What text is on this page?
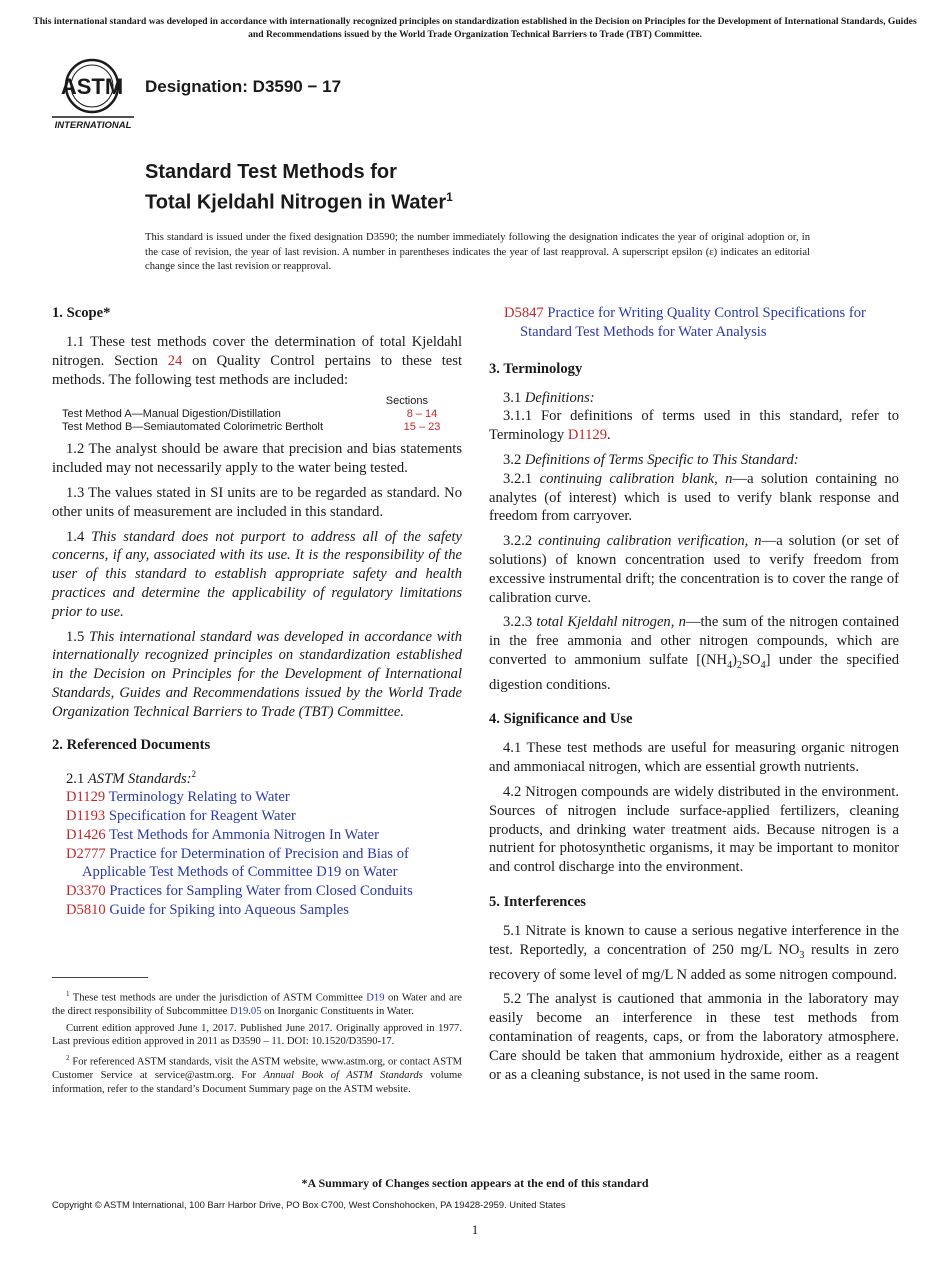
This international standard was developed in accordance with internationally recognized principles on standardization established in the Decision on Principles for the Development of International Standards, Guides and Recommendations issued by the World Trade Organization Technical Barriers to Trade (TBT) Committee.
ASTM
INTERNATIONAL
Designation: D3590 − 17
Standard Test Methods for
Total Kjeldahl Nitrogen in Water$^1$
This standard is issued under the fixed designation D3590; the number immediately following the designation indicates the year of original adoption or, in the case of revision, the year of last revision. A number in parentheses indicates the year of last reapproval. A superscript epsilon (ε) indicates an editorial change since the last revision or reapproval.
1. Scope*

1.1 These test methods cover the determination of total Kjeldahl nitrogen. Section 24 on Quality Control pertains to these test methods. The following test methods are included:

Sections
Test Method A—Manual Digestion/Distillation	8 – 14
Test Method B—Semiautomated Colorimetric Bertholt	15 – 23

1.2 The analyst should be aware that precision and bias statements included may not necessarily apply to the water being tested.

1.3 The values stated in SI units are to be regarded as standard. No other units of measurement are included in this standard.

1.4 This standard does not purport to address all of the safety concerns, if any, associated with its use. It is the responsibility of the user of this standard to establish appropriate safety and health practices and determine the applicability of regulatory limitations prior to use.

1.5 This international standard was developed in accordance with internationally recognized principles on standardization established in the Decision on Principles for the Development of International Standards, Guides and Recommendations issued by the World Trade Organization Technical Barriers to Trade (TBT) Committee.

2. Referenced Documents

2.1 ASTM Standards:$^2$

D1129 Terminology Relating to Water
D1193 Specification for Reagent Water
D1426 Test Methods for Ammonia Nitrogen In Water
D2777 Practice for Determination of Precision and Bias of Applicable Test Methods of Committee D19 on Water
D3370 Practices for Sampling Water from Closed Conduits
D5810 Guide for Spiking into Aqueous Samples

$^1$ These test methods are under the jurisdiction of ASTM Committee D19 on Water and are the direct responsibility of Subcommittee D19.05 on Inorganic Constituents in Water.

Current edition approved June 1, 2017. Published June 2017. Originally approved in 1977. Last previous edition approved in 2011 as D3590 – 11. DOI: 10.1520/D3590-17.

$^2$ For referenced ASTM standards, visit the ASTM website, www.astm.org, or contact ASTM Customer Service at service@astm.org. For Annual Book of ASTM Standards volume information, refer to the standard’s Document Summary page on the ASTM website.

D5847 Practice for Writing Quality Control Specifications for Standard Test Methods for Water Analysis
3. Terminology

3.1 Definitions:

3.1.1 For definitions of terms used in this standard, refer to Terminology D1129.

3.2 Definitions of Terms Specific to This Standard:

3.2.1 continuing calibration blank, n—a solution containing no analytes (of interest) which is used to verify blank response and freedom from carryover.

3.2.2 continuing calibration verification, n—a solution (or set of solutions) of known concentration used to verify freedom from excessive instrumental drift; the concentration is to cover the range of calibration curve.

3.2.3 total Kjeldahl nitrogen, n—the sum of the nitrogen contained in the free ammonia and other nitrogen compounds, which are converted to ammonium sulfate $[(NH_4)_2SO_4]$ under the specified digestion conditions.

4. Significance and Use

4.1 These test methods are useful for measuring organic nitrogen and ammoniacal nitrogen, which are essential growth nutrients.

4.2 Nitrogen compounds are widely distributed in the environment. Sources of nitrogen include surface-applied fertilizers, cleaning products, and drinking water treatment aids. Because nitrogen is a nutrient for photosynthetic organisms, it may be important to monitor and control discharge into the environment.

5. Interferences

5.1 Nitrate is known to cause a serious negative interference in the test. Reportedly, a concentration of 250 mg/L $NO_3$ results in zero recovery of some level of mg/L N added as some nitrogen compound.

5.2 The analyst is cautioned that ammonia in the laboratory may easily become an interference in these test methods from contamination of reagents, caps, or from the laboratory atmosphere. Care should be taken that ammonium hydroxide, either as a reagent or as a cleaning substance, is not used in the same room.

*A Summary of Changes section appears at the end of this standard
Copyright © ASTM International, 100 Barr Harbor Drive, PO Box C700, West Conshohocken, PA 19428-2959. United States
1
